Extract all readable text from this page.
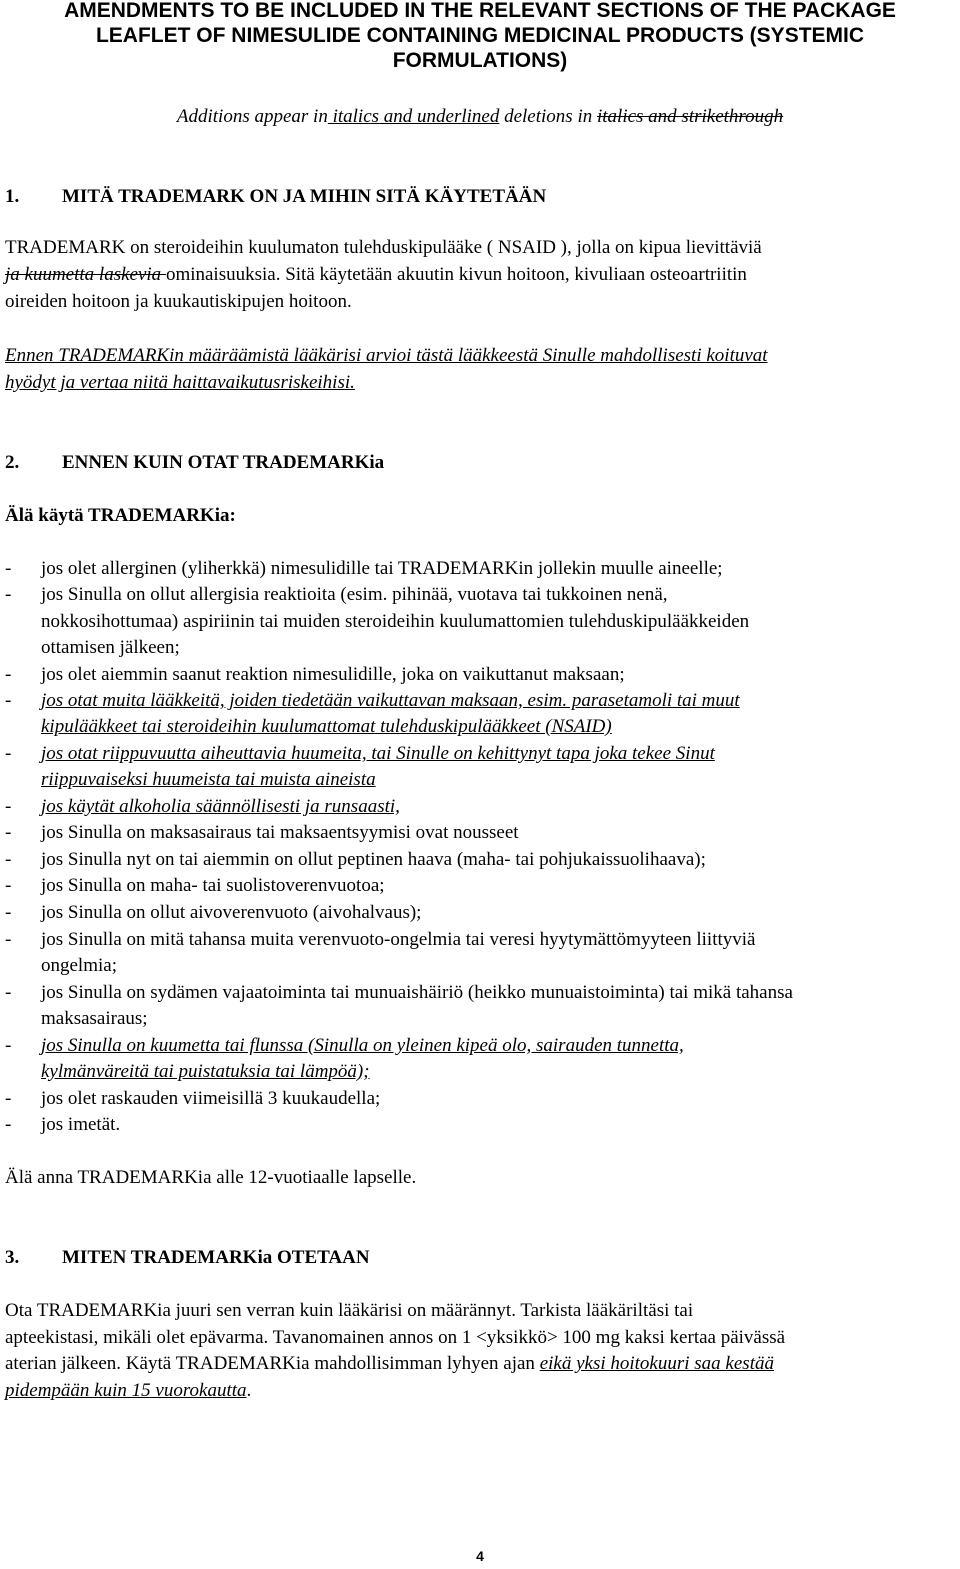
AMENDMENTS TO BE INCLUDED IN THE RELEVANT SECTIONS OF THE PACKAGE
LEAFLET OF NIMESULIDE CONTAINING MEDICINAL PRODUCTS (SYSTEMIC
FORMULATIONS)

Additions appear in italics and underlined deletions in italics and strikethrough

1. MITÄ TRADEMARK ON JA MIHIN SITÄ KÄYTETÄÄN

TRADEMARK on steroideihin kuulumaton tulehduskipulääke ( NSAID ), jolla on kipua lievittäviä

ja kuumetta laskevia ominaisuuksia. Sitä käytetään akuutin kivun hoitoon, kivuliaan osteoartriitin

oireiden hoitoon ja kuukautiskipujen hoitoon.

Ennen TRADEMARKin määräämistä lääkärisi arvioi tästä lääkkeestä Sinulle mahdollisesti koituvat

hyödyt ja vertaa niitä haittavaikutusriskeihisi.

2. ENNEN KUIN OTAT TRADEMARKia

Älä käytä TRADEMARKia:

-	jos olet allerginen (yliherkkä) nimesulidille tai TRADEMARKin jollekin muulle aineelle;

-	jos Sinulla on ollut allergisia reaktioita (esim. pihinää, vuotava tai tukkoinen nenä,

nokkosihottumaa) aspiriinin tai muiden steroideihin kuulumattomien tulehduskipulääkkeiden

ottamisen jälkeen;

-	jos olet aiemmin saanut reaktion nimesulidille, joka on vaikuttanut maksaan;

-	jos otat muita lääkkeitä, joiden tiedetään vaikuttavan maksaan, esim. parasetamoli tai muut

kipulääkkeet tai steroideihin kuulumattomat tulehduskipulääkkeet (NSAID)

-	jos otat riippuvuutta aiheuttavia huumeita, tai Sinulle on kehittynyt tapa joka tekee Sinut

riippuvaiseksi huumeista tai muista aineista

-	jos käytät alkoholia säännöllisesti ja runsaasti,

-	jos Sinulla on maksasairaus tai maksaentsyymisi ovat nousseet

-	jos Sinulla nyt on tai aiemmin on ollut peptinen haava (maha- tai pohjukaissuolihaava);

-	jos Sinulla on maha- tai suolistoverenvuotoa;

-	jos Sinulla on ollut aivoverenvuoto (aivohalvaus);

-	jos Sinulla on mitä tahansa muita verenvuoto-ongelmia tai veresi hyytymättömyyteen liittyviä

ongelmia;

-	jos Sinulla on sydämen vajaatoiminta tai munuaishäiriö (heikko munuaistoiminta) tai mikä tahansa

maksasairaus;

-	jos Sinulla on kuumetta tai flunssa (Sinulla on yleinen kipeä olo, sairauden tunnetta,

kylmänväreitä tai puistatuksia tai lämpöä);

-	jos olet raskauden viimeisillä 3 kuukaudella;

-	jos imetät.

Älä anna TRADEMARKia alle 12-vuotiaalle lapselle.

3. MITEN TRADEMARKia OTETAAN

Ota TRADEMARKia juuri sen verran kuin lääkärisi on määrännyt. Tarkista lääkäriltäsi tai

apteekistasi, mikäli olet epävarma. Tavanomainen annos on 1 <yksikkö> 100 mg kaksi kertaa päivässä

aterian jälkeen. Käytä TRADEMARKia mahdollisimman lyhyen ajan eikä yksi hoitokuuri saa kestää

pidempään kuin 15 vuorokautta.

4
